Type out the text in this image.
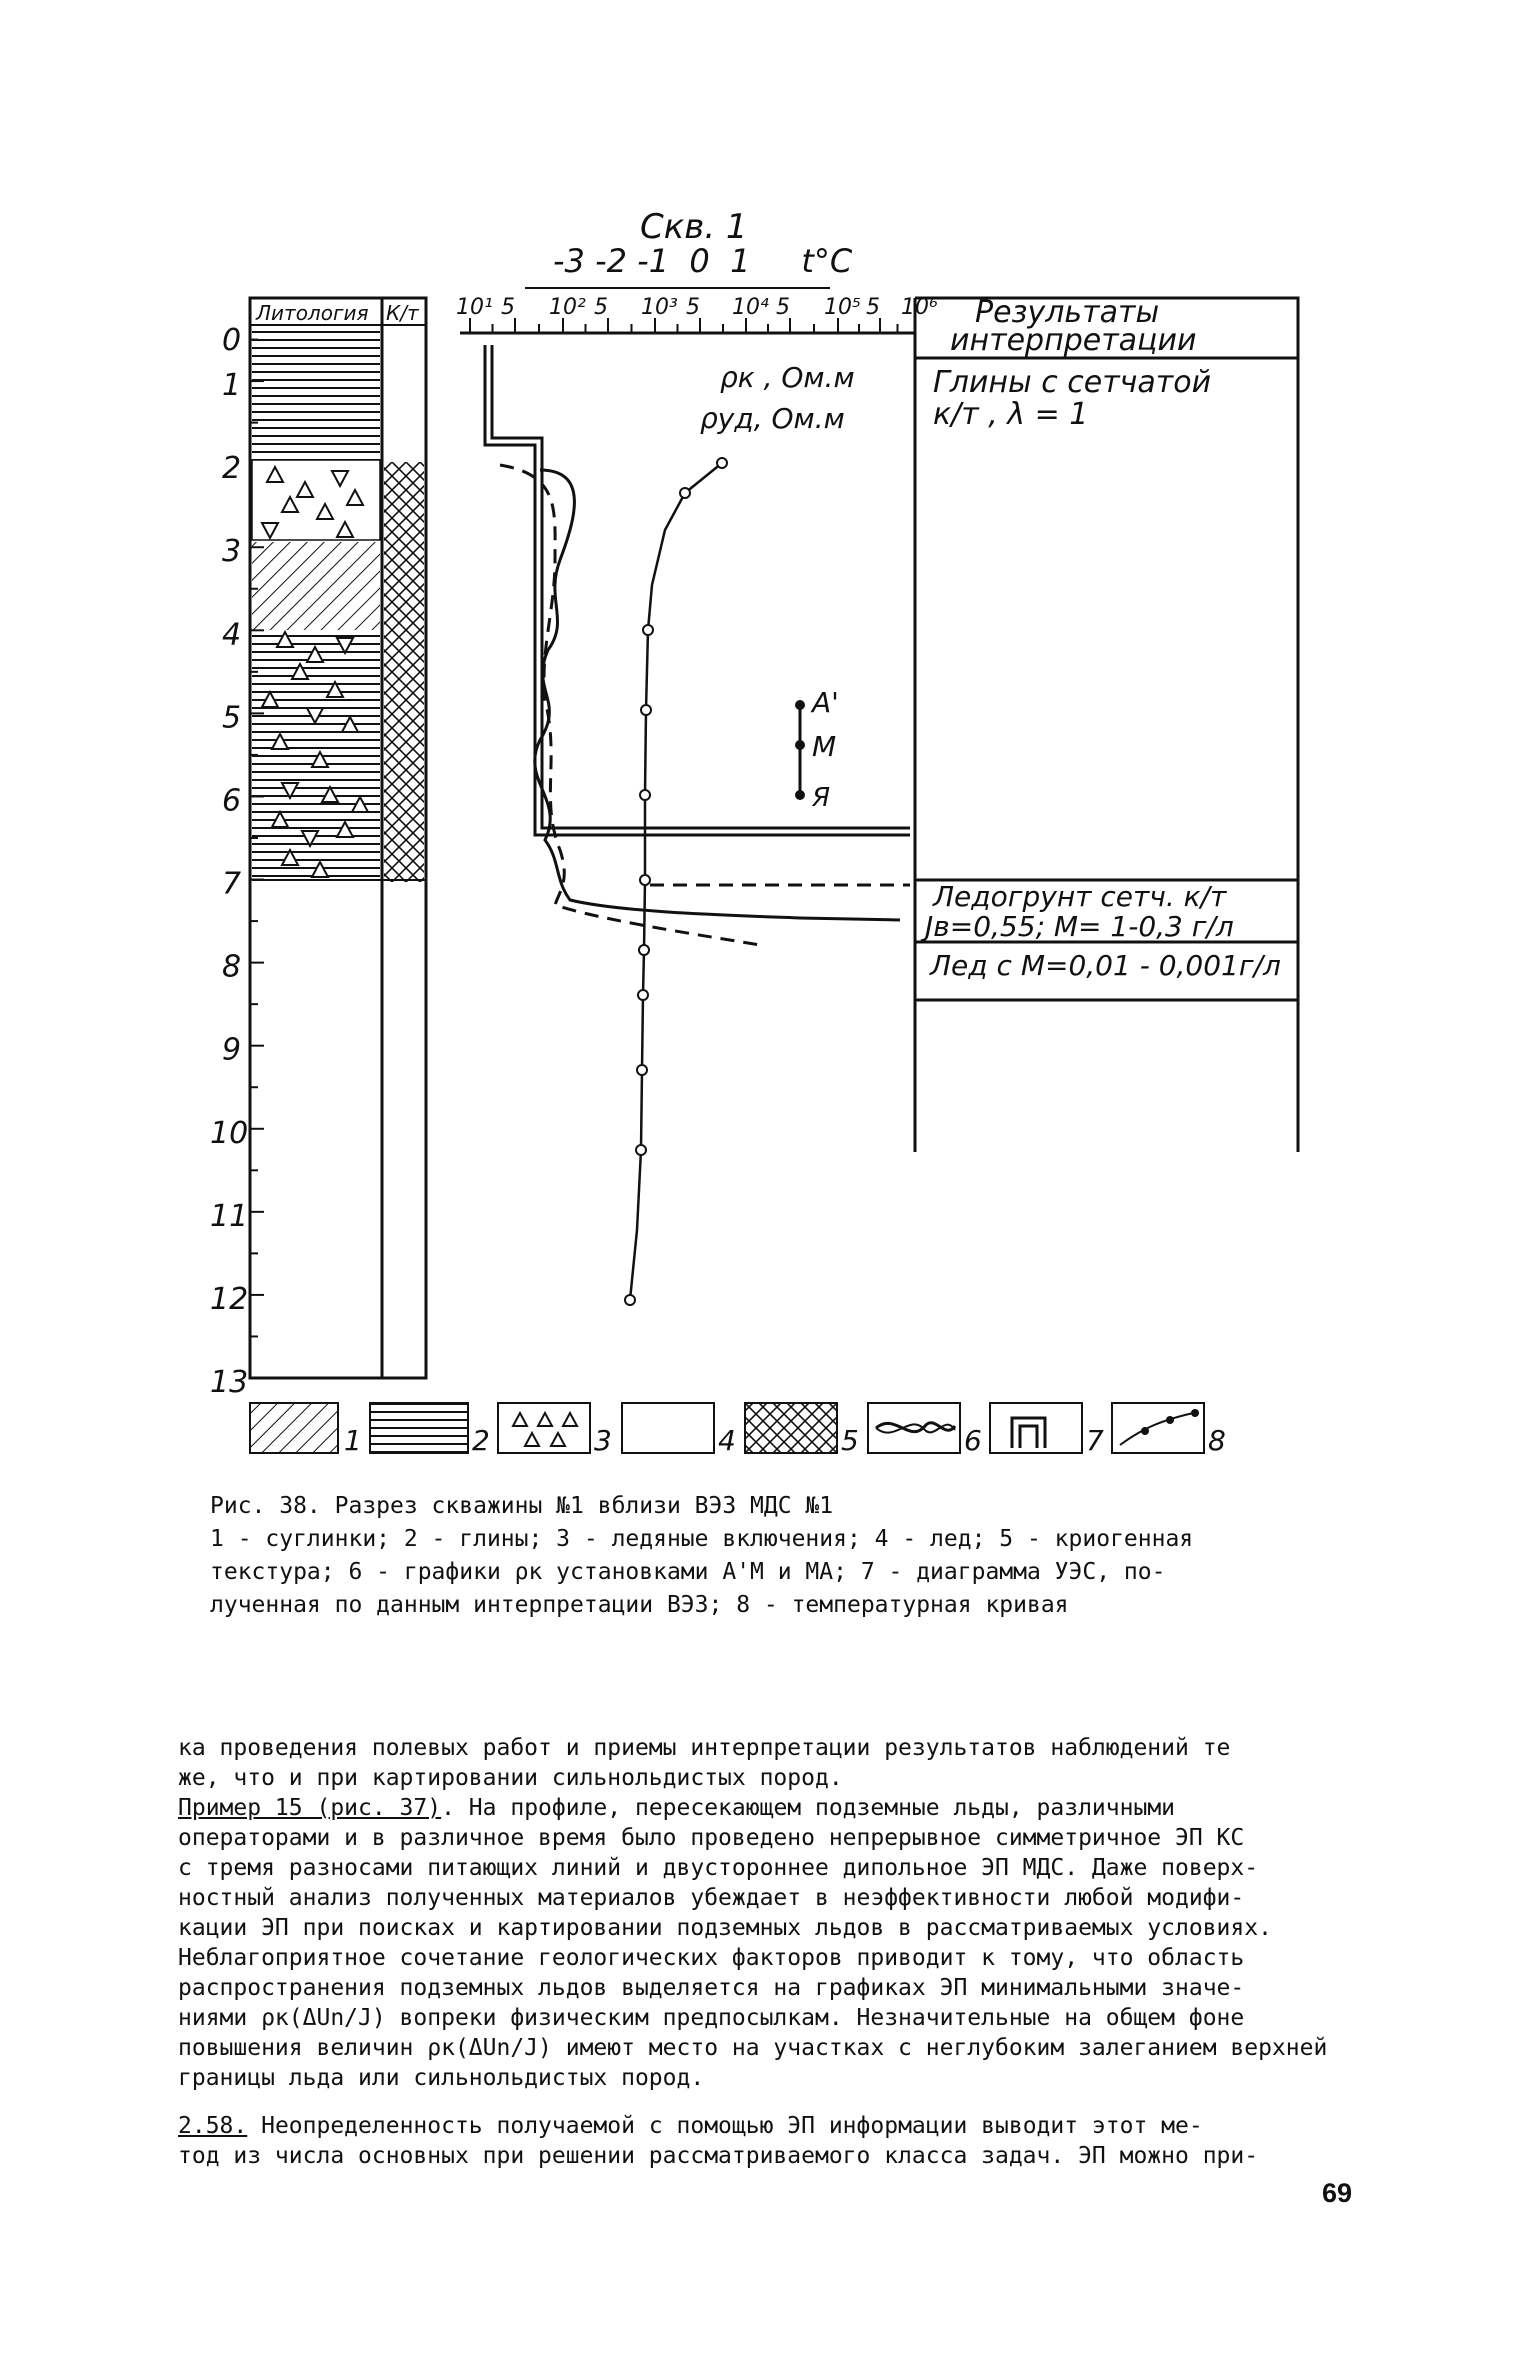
Скв. 1
-3 -2 -1  0  1     t°C
Литология К/т
0
1
2
3
4
5
6
7
8
9
10
11
12
13
10¹ 5 10² 5 10³ 5 10⁴ 5 10⁵ 5 10⁶
ρк , Ом.м
ρуд, Ом.м
A'
M
Я
Результаты
интерпретации
Глины с сетчатой
к/т , λ = 1
Ледогрунт сетч. к/т
Jв=0,55; M= 1-0,3 г/л
Лед с M=0,01 - 0,001г/л
1	2	3	4	5	6	7	8
Рис. 38. Разрез скважины №1 вблизи ВЭЗ МДС №1
1 - суглинки; 2 - глины; 3 - ледяные включения; 4 - лед; 5 - криогенная
текстура; 6 - графики ρк установками A'M и MA; 7 - диаграмма УЭС, по-
лученная по данным интерпретации ВЭЗ; 8 - температурная кривая

ка проведения полевых работ и приемы интерпретации результатов наблюдений те

же, что и при картировании сильнольдистых пород.

Пример 15 (рис. 37). На профиле, пересекающем подземные льды, различными

операторами и в различное время было проведено непрерывное симметричное ЭП КС

с тремя разносами питающих линий и двустороннее дипольное ЭП МДС. Даже поверх-

ностный анализ полученных материалов убеждает в неэффективности любой модифи-

кации ЭП при поисках и картировании подземных льдов в рассматриваемых условиях.

Неблагоприятное сочетание геологических факторов приводит к тому, что область

распространения подземных льдов выделяется на графиках ЭП минимальными значе-

ниями ρк(ΔUn/J) вопреки физическим предпосылкам. Незначительные на общем фоне

повышения величин ρк(ΔUn/J) имеют место на участках с неглубоким залеганием верхней

границы льда или сильнольдистых пород.

2.58. Неопределенность получаемой с помощью ЭП информации выводит этот ме-

тод из числа основных при решении рассматриваемого класса задач. ЭП можно при-

69
